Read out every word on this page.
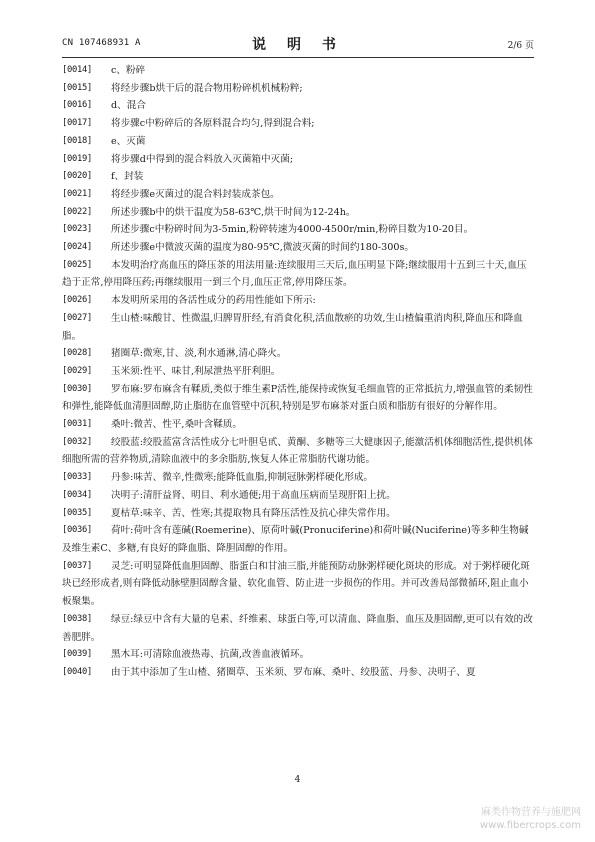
CN 107468931 A	说 明 书	2/6 页
[0014]	c、粉碎
[0015]	将经步骤b烘干后的混合物用粉碎机机械粉粹;
[0016]	d、混合
[0017]	将步骤c中粉碎后的各原料混合均匀,得到混合料;
[0018]	e、灭菌
[0019]	将步骤d中得到的混合料放入灭菌箱中灭菌;
[0020]	f、封装
[0021]	将经步骤e灭菌过的混合料封装成茶包。
[0022]	所述步骤b中的烘干温度为58-63℃,烘干时间为12-24h。
[0023]	所述步骤c中粉碎时间为3-5min,粉碎转速为4000-4500r/min,粉碎目数为10-20目。
[0024]	所述步骤e中微波灭菌的温度为80-95℃,微波灭菌的时间约180-300s。
[0025]	本发明治疗高血压的降压茶的用法用量:连续服用三天后,血压明显下降;继续服用十五到三十天,血压趋于正常,停用降压药;再继续服用一到三个月,血压正常,停用降压茶。
[0026]	本发明所采用的各活性成分的药用性能如下所示:
[0027]	生山楂:味酸甘、性微温,归脾胃肝经,有消食化积,活血散瘀的功效,生山楂偏重消肉积,降血压和降血脂。
[0028]	猪圈草:微寒,甘、淡,利水通淋,清心降火。
[0029]	玉米须:性平、味甘,利尿泄热平肝利胆。
[0030]	罗布麻:罗布麻含有鞣质,类似于维生素P活性,能保持或恢复毛细血管的正常抵抗力,增强血管的柔韧性和弹性,能降低血清胆固醇,防止脂肪在血管壁中沉积,特别是罗布麻茶对蛋白质和脂肪有很好的分解作用。
[0031]	桑叶:微苦、性平,桑叶含鞣质。
[0032]	绞股蓝:绞股蓝富含活性成分七叶胆皂甙、黄酮、多糖等三大健康因子,能激活机体细胞活性,提供机体细胞所需的营养物质,清除血液中的多余脂肪,恢复人体正常脂肪代谢功能。
[0033]	丹参:味苦、微辛,性微寒;能降低血脂,抑制冠脉粥样硬化形成。
[0034]	决明子:清肝益肾、明目、利水通便;用于高血压病而呈现肝阳上扰。
[0035]	夏枯草:味辛、苦、性寒;其提取物具有降压活性及抗心律失常作用。
[0036]	荷叶:荷叶含有莲碱(Roemerine)、原荷叶碱(Pronuciferine)和荷叶碱(Nuciferine)等多种生物碱及维生素C、多糖,有良好的降血脂、降胆固醇的作用。
[0037]	灵芝:可明显降低血胆固醇、脂蛋白和甘油三脂,并能预防动脉粥样硬化斑块的形成。对于粥样硬化斑块已经形成者,则有降低动脉壁胆固醇含量、软化血管、防止进一步损伤的作用。并可改善局部微循环,阻止血小板聚集。
[0038]	绿豆:绿豆中含有大量的皂素、纤维素、球蛋白等,可以清血、降血脂、血压及胆固醇,更可以有效的改善肥胖。
[0039]	黑木耳:可清除血液热毒、抗菌,改善血液循环。
[0040]	由于其中添加了生山楂、猪圈草、玉米须、罗布麻、桑叶、绞股蓝、丹参、决明子、夏
4
麻类作物营养与施肥网
www.fibercrops.com
